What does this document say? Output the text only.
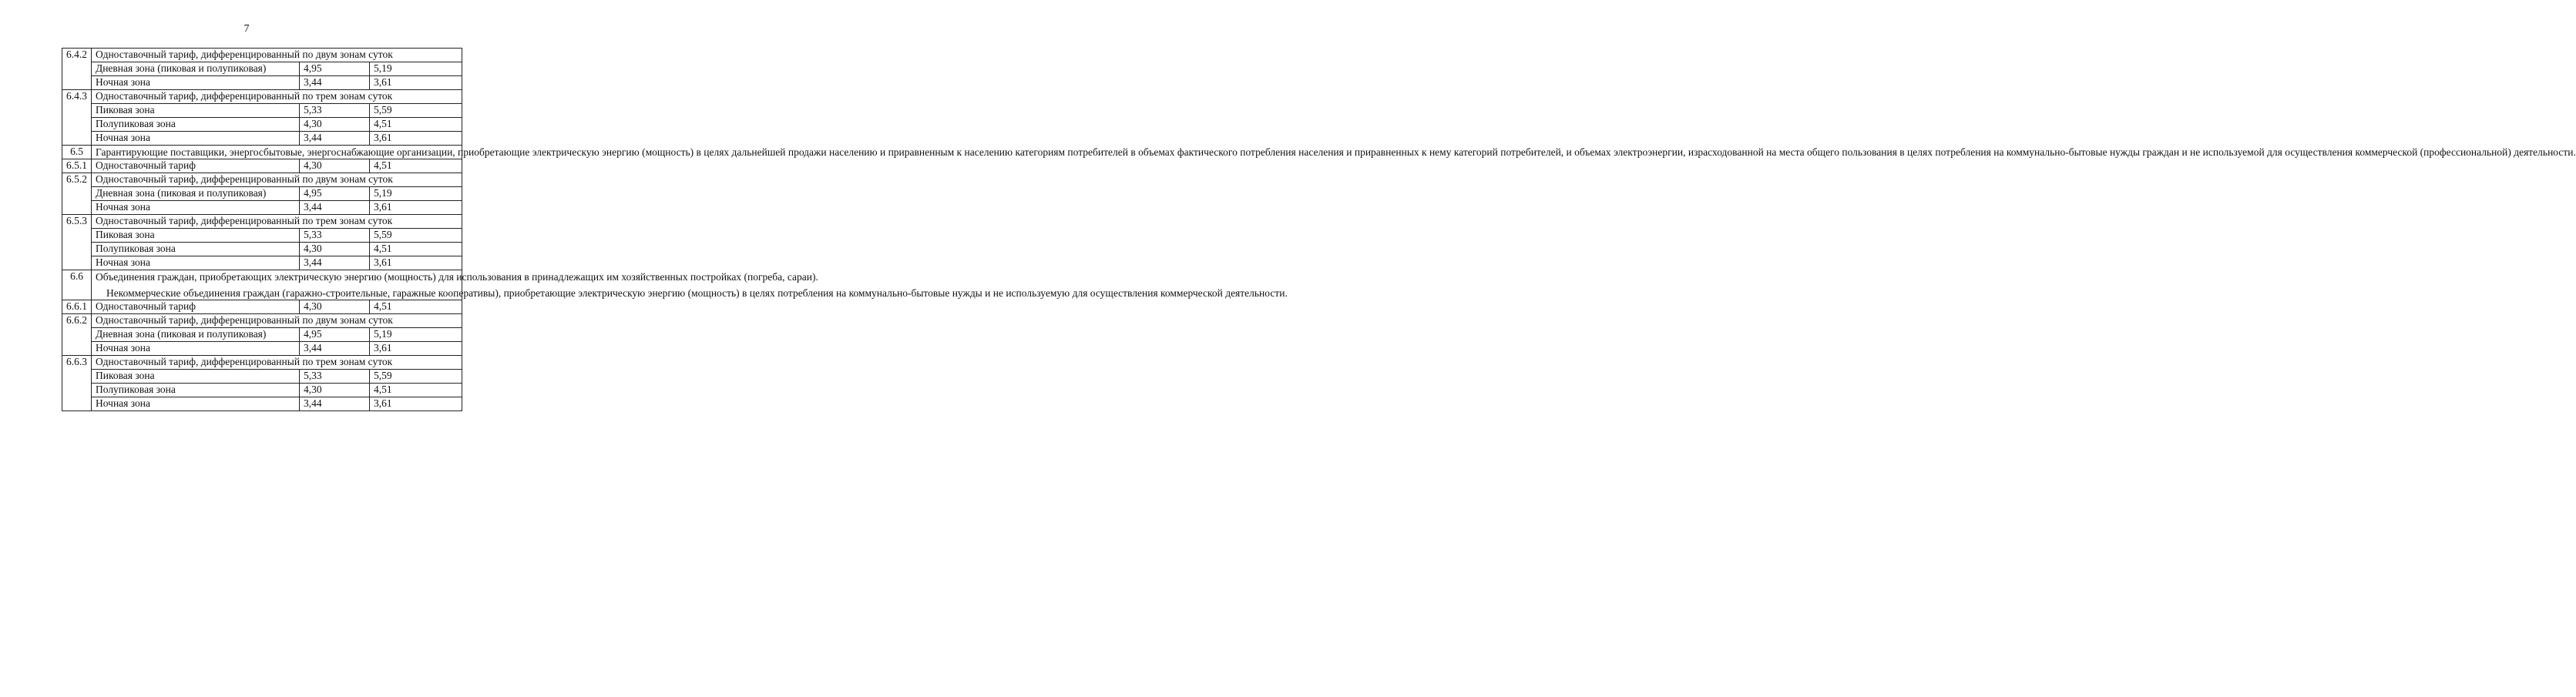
7
6.4.2	Одноставочный тариф, дифференцированный по двум зонам суток		
	Дневная зона (пиковая и полупиковая)	4,95	5,19
	Ночная зона	3,44	3,61
6.4.3	Одноставочный тариф, дифференцированный по трем зонам суток		
	Пиковая зона	5,33	5,59
	Полупиковая зона	4,30	4,51
	Ночная зона	3,44	3,61
6.5	Гарантирующие поставщики, энергосбытовые, энергоснабжающие организации, приобретающие электрическую энергию (мощность) в целях дальнейшей продажи населению и приравненным к населению категориям потребителей в объемах фактического потребления населения и приравненных к нему категорий потребителей, и объемах электроэнергии, израсходованной на места общего пользования в целях потребления на коммунально-бытовые нужды граждан и не используемой для осуществления коммерческой (профессиональной) деятельности.		

6.5.1	Одноставочный тариф	4,30	4,51
6.5.2	Одноставочный тариф, дифференцированный по двум зонам суток		
	Дневная зона (пиковая и полупиковая)	4,95	5,19
	Ночная зона	3,44	3,61
6.5.3	Одноставочный тариф, дифференцированный по трем зонам суток		
	Пиковая зона	5,33	5,59
	Полупиковая зона	4,30	4,51
	Ночная зона	3,44	3,61
6.6	Объединения граждан, приобретающих электрическую энергию (мощность) для использования в принадлежащих им хозяйственных постройках (погреба, сараи).

Некоммерческие объединения граждан (гаражно-строительные, гаражные кооперативы), приобретающие электрическую энергию (мощность) в целях потребления на коммунально-бытовые нужды и не используемую для осуществления коммерческой деятельности.		

6.6.1	Одноставочный тариф	4,30	4,51
6.6.2	Одноставочный тариф, дифференцированный по двум зонам суток		
	Дневная зона (пиковая и полупиковая)	4,95	5,19
	Ночная зона	3,44	3,61
6.6.3	Одноставочный тариф, дифференцированный по трем зонам суток		
	Пиковая зона	5,33	5,59
	Полупиковая зона	4,30	4,51
	Ночная зона	3,44	3,61
